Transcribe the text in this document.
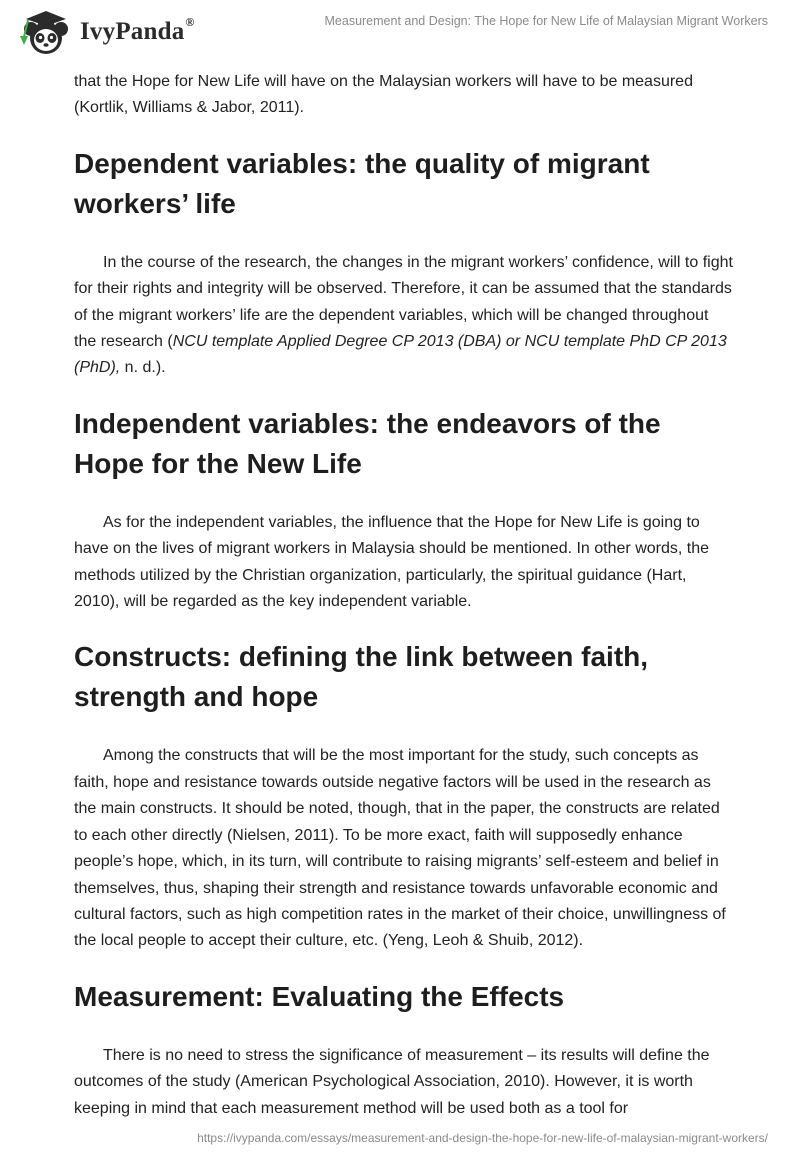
IvyPanda®	Measurement and Design: The Hope for New Life of Malaysian Migrant Workers

that the Hope for New Life will have on the Malaysian workers will have to be measured (Kortlik, Williams & Jabor, 2011).

Dependent variables: the quality of migrant workers’ life

In the course of the research, the changes in the migrant workers’ confidence, will to fight for their rights and integrity will be observed. Therefore, it can be assumed that the standards of the migrant workers’ life are the dependent variables, which will be changed throughout the research (NCU template Applied Degree CP 2013 (DBA) or NCU template PhD CP 2013 (PhD), n. d.).

Independent variables: the endeavors of the Hope for the New Life

As for the independent variables, the influence that the Hope for New Life is going to have on the lives of migrant workers in Malaysia should be mentioned. In other words, the methods utilized by the Christian organization, particularly, the spiritual guidance (Hart, 2010), will be regarded as the key independent variable.

Constructs: defining the link between faith, strength and hope

Among the constructs that will be the most important for the study, such concepts as faith, hope and resistance towards outside negative factors will be used in the research as the main constructs. It should be noted, though, that in the paper, the constructs are related to each other directly (Nielsen, 2011). To be more exact, faith will supposedly enhance people’s hope, which, in its turn, will contribute to raising migrants’ self-esteem and belief in themselves, thus, shaping their strength and resistance towards unfavorable economic and cultural factors, such as high competition rates in the market of their choice, unwillingness of the local people to accept their culture, etc. (Yeng, Leoh & Shuib, 2012).

Measurement: Evaluating the Effects

There is no need to stress the significance of measurement – its results will define the outcomes of the study (American Psychological Association, 2010). However, it is worth keeping in mind that each measurement method will be used both as a tool for

https://ivypanda.com/essays/measurement-and-design-the-hope-for-new-life-of-malaysian-migrant-workers/
